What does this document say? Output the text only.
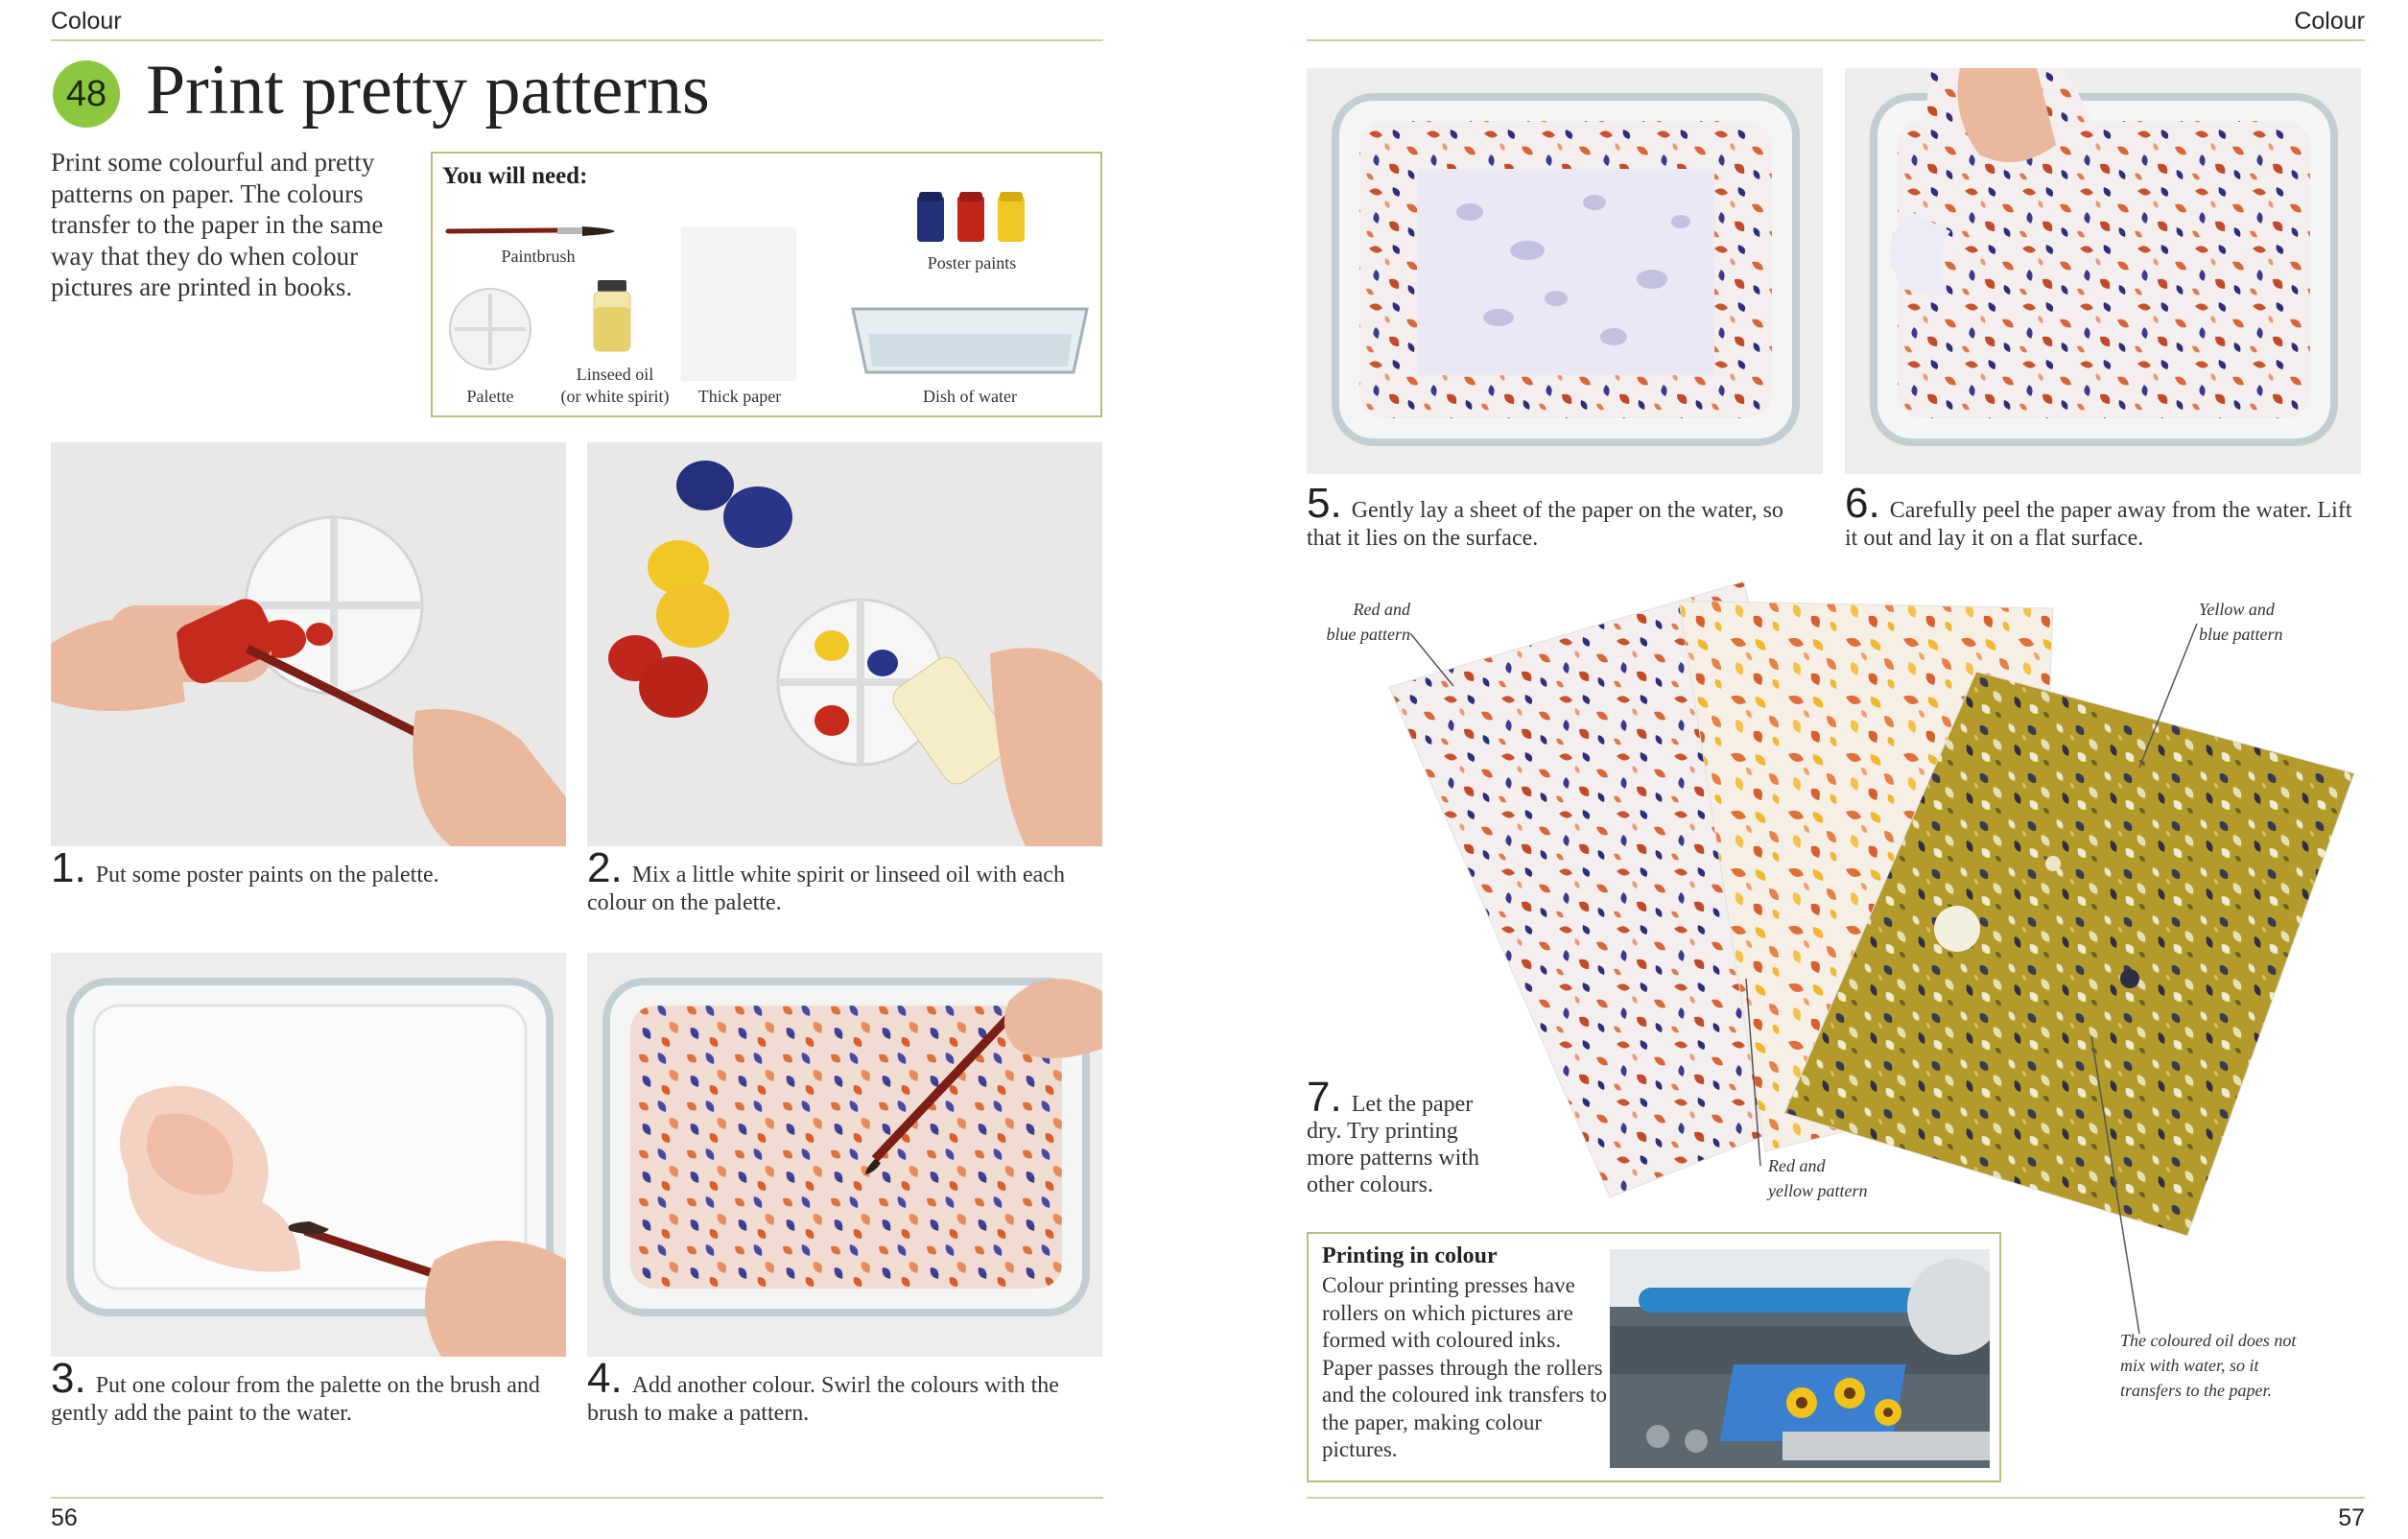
Colour
48 Print pretty patterns
Print some colourful and pretty patterns on paper. The colours transfer to the paper in the same way that they do when colour pictures are printed in books.
You will need:
Paintbrush	Poster paints
Palette
Linseed oil
(or white spirit)	Thick paper	Dish of water
1. Put some poster paints on the palette.	2. Mix a little white spirit or linseed oil with each colour on the palette.
3. Put one colour from the palette on the brush and gently add the paint to the water.
4. Add another colour. Swirl the colours with the brush to make a pattern.
56
Colour
5. Gently lay a sheet of the paper on the water, so that it lies on the surface.
6. Carefully peel the paper away from the water. Lift it out and lay it on a flat surface.
Red and
blue pattern
Yellow and
blue pattern
Red and
yellow pattern
The coloured oil does not
mix with water, so it
transfers to the paper.
7. Let the paper dry. Try printing more patterns with other colours.
Printing in colour
Colour printing presses have rollers on which pictures are formed with coloured inks. Paper passes through the rollers and the coloured ink transfers to the paper, making colour pictures.
57
